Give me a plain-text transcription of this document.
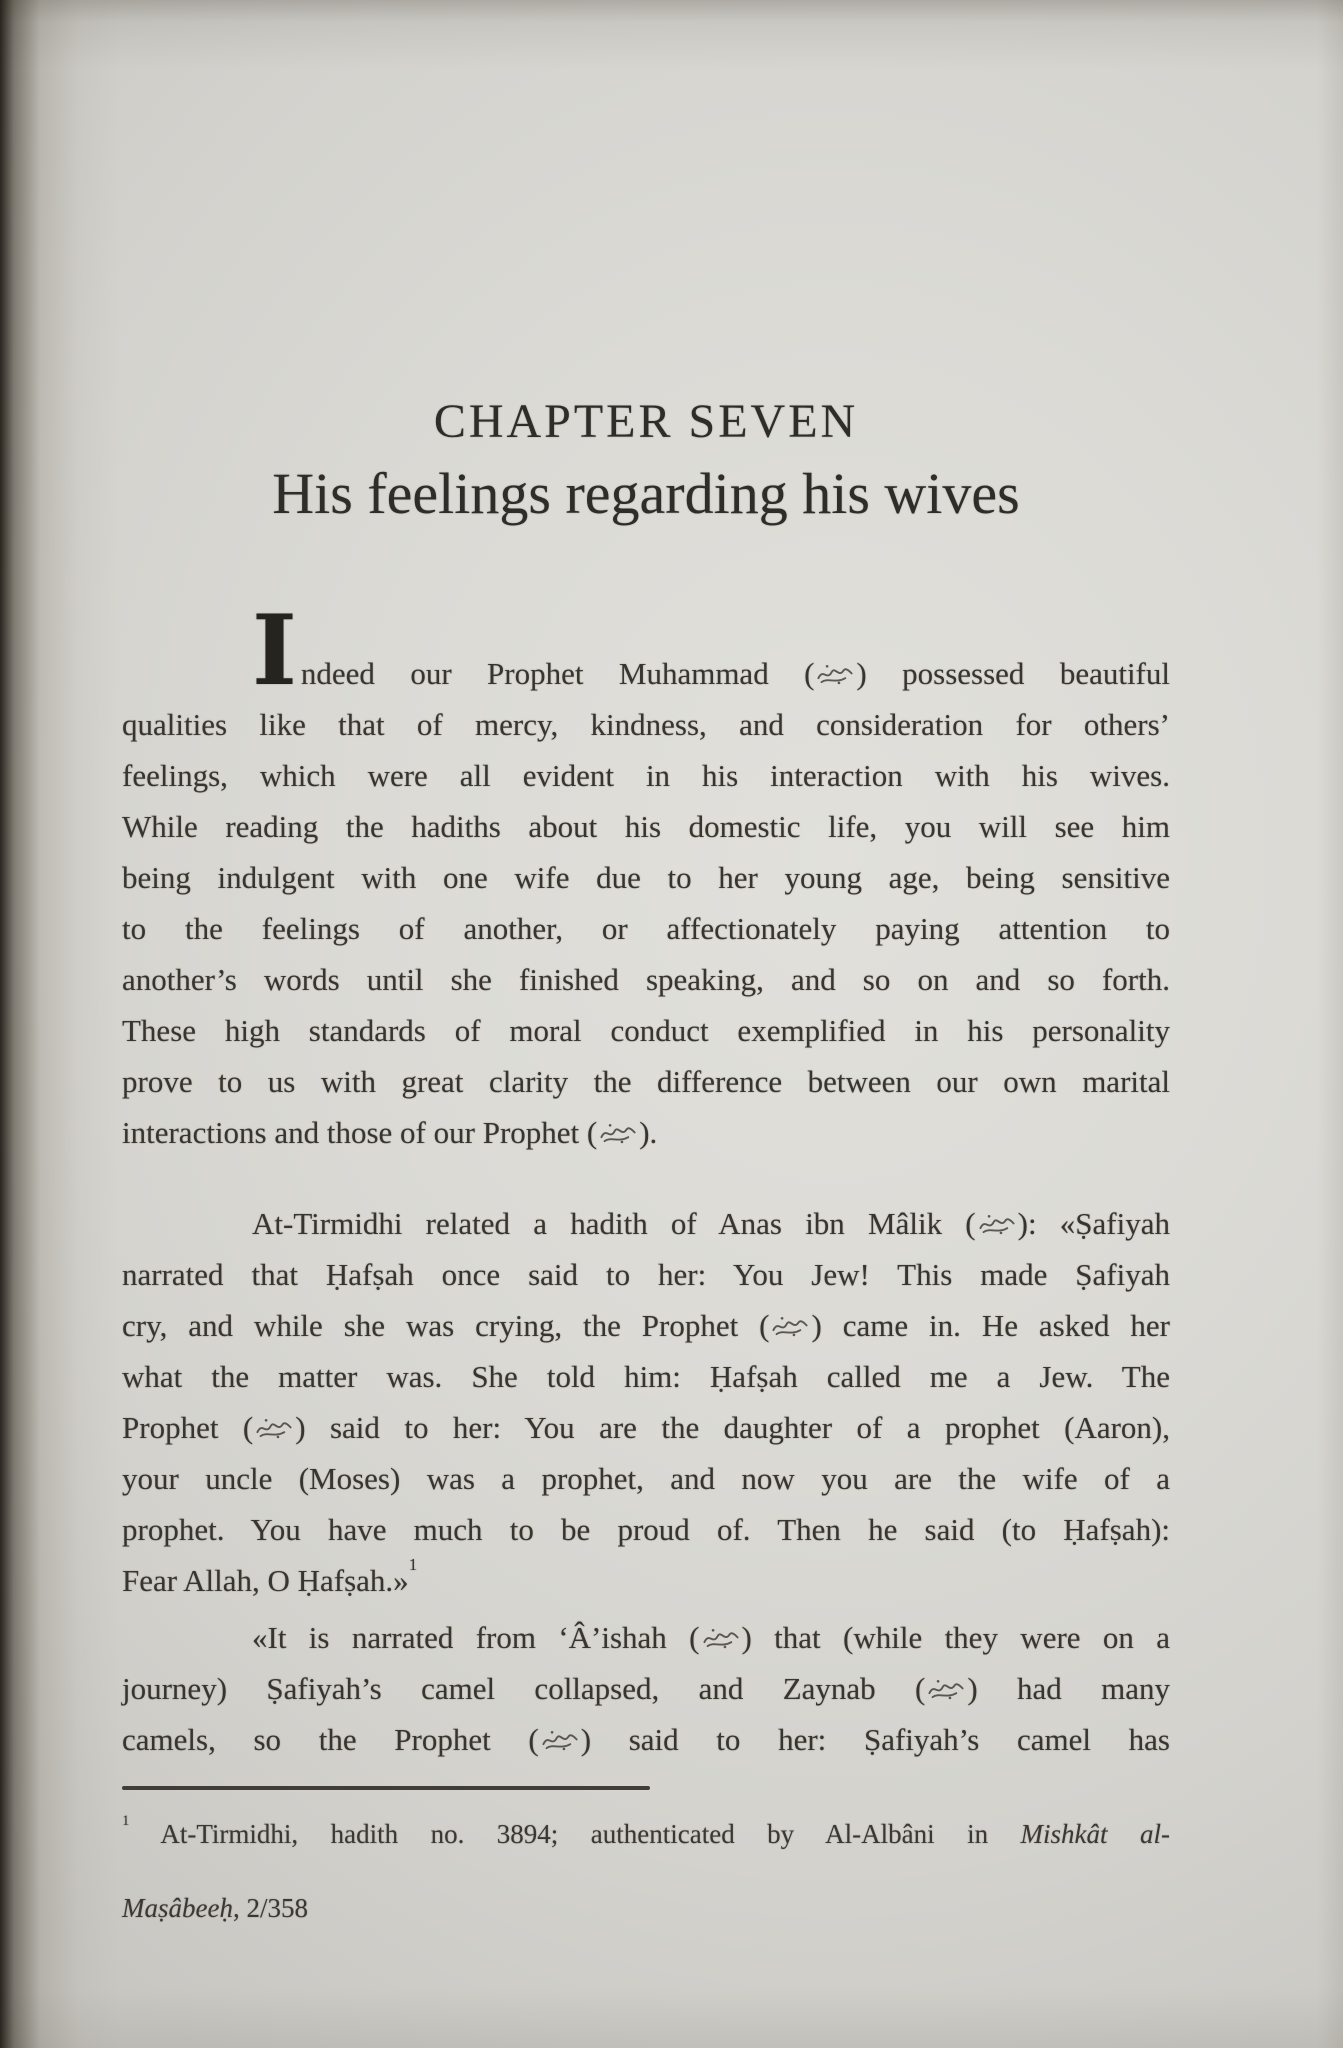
CHAPTER SEVEN
His feelings regarding his wives
Indeed our Prophet Muhammad ( ) possessed beautiful
qualities like that of mercy, kindness, and consideration for others’
feelings, which were all evident in his interaction with his wives.
While reading the hadiths about his domestic life, you will see him
being indulgent with one wife due to her young age, being sensitive
to the feelings of another, or affectionately paying attention to
another’s words until she finished speaking, and so on and so forth.
These high standards of moral conduct exemplified in his personality
prove to us with great clarity the difference between our own marital
interactions and those of our Prophet ( ).
At-Tirmidhi related a hadith of Anas ibn Mâlik ( ): «Ṣafiyah
narrated that Ḥafṣah once said to her: You Jew! This made Ṣafiyah
cry, and while she was crying, the Prophet ( ) came in. He asked her
what the matter was. She told him: Ḥafṣah called me a Jew. The
Prophet ( ) said to her: You are the daughter of a prophet (Aaron),
your uncle (Moses) was a prophet, and now you are the wife of a
prophet. You have much to be proud of. Then he said (to Ḥafṣah):
Fear Allah, O Ḥafṣah.»$^1$
«It is narrated from ‘Â’ishah ( ) that (while they were on a
journey) Ṣafiyah’s camel collapsed, and Zaynab ( ) had many
camels, so the Prophet ( ) said to her: Ṣafiyah’s camel has
$^1$ At-Tirmidhi, hadith no. 3894; authenticated by Al-Albâni in Mishkât al-
Maṣâbeeḥ, 2/358
